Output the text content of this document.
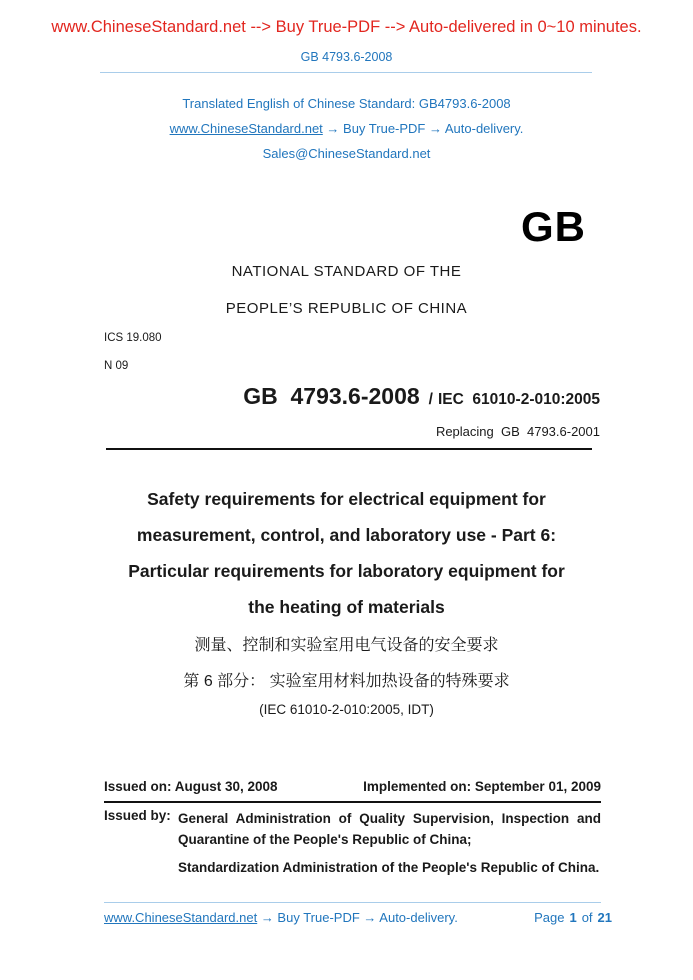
www.ChineseStandard.net --> Buy True-PDF --> Auto-delivered in 0~10 minutes.
GB 4793.6-2008
Translated English of Chinese Standard: GB4793.6-2008
www.ChineseStandard.net → Buy True-PDF → Auto-delivery.
Sales@ChineseStandard.net
GB
NATIONAL STANDARD OF THE
PEOPLE’S REPUBLIC OF CHINA
ICS 19.080
N 09
GB  4793.6-2008 / IEC  61010-2-010:2005
Replacing  GB  4793.6-2001
Safety requirements for electrical equipment for
measurement, control, and laboratory use - Part 6:
Particular requirements for laboratory equipment for
the heating of materials
测量、控制和实验室用电气设备的安全要求
第 6 部分： 实验室用材料加热设备的特殊要求
(IEC 61010-2-010:2005, IDT)
Issued on: August 30, 2008	Implemented on: September 01, 2009
Issued by: General Administration of Quality Supervision, Inspection and Quarantine of the People's Republic of China;

Standardization Administration of the People's Republic of China.

www.ChineseStandard.net → Buy True-PDF → Auto-delivery.	Page 1 of 21
